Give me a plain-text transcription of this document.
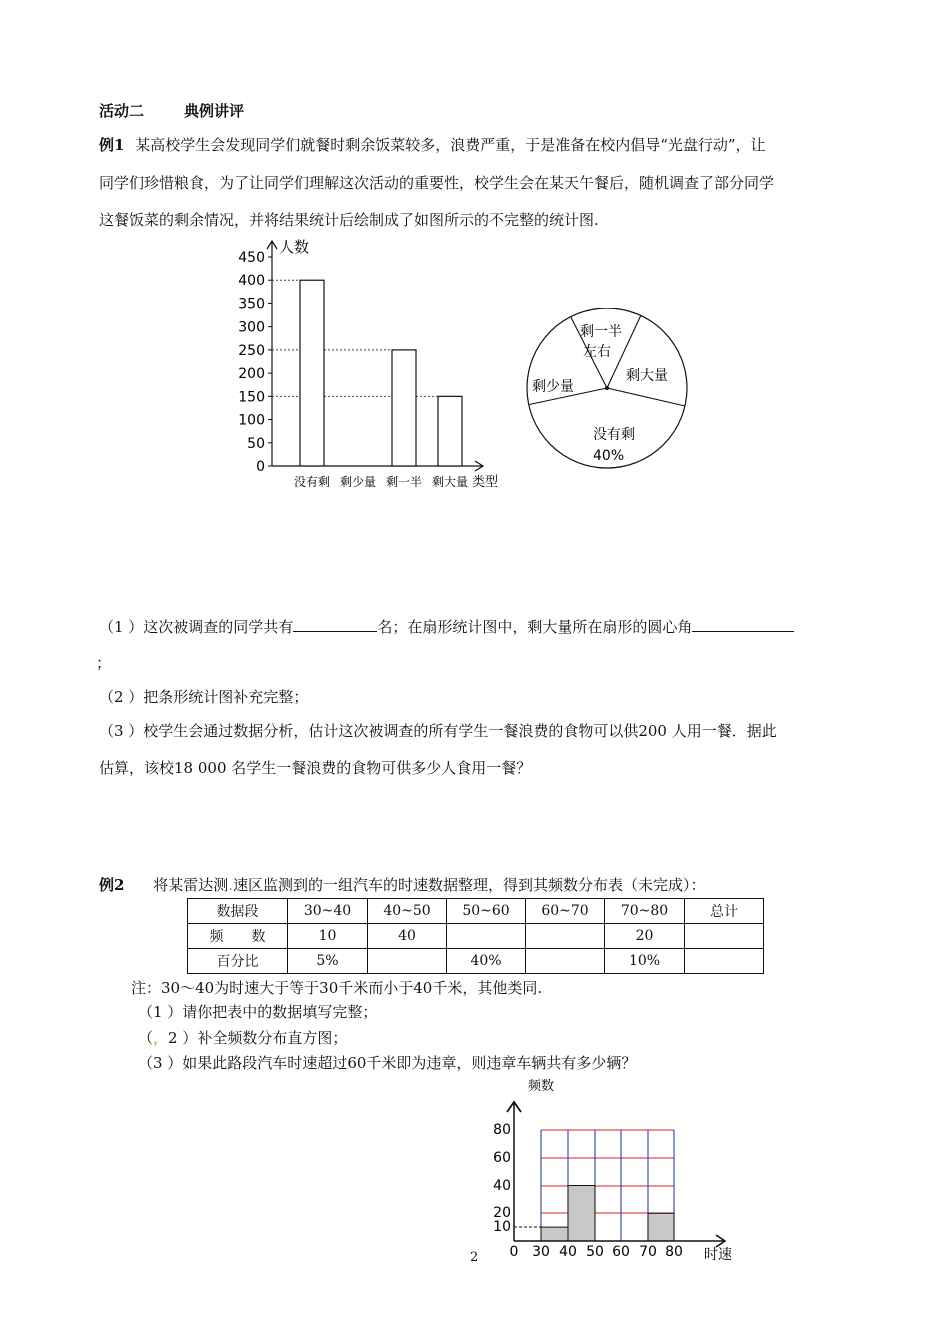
活动二	典例讲评
例1 某高校学生会发现同学们就餐时剩余饭菜较多，浪费严重，于是准备在校内倡导“光盘行动”，让
同学们珍惜粮食，为了让同学们理解这次活动的重要性，校学生会在某天午餐后，随机调查了部分同学
这餐饭菜的剩余情况，并将结果统计后绘制成了如图所示的不完整的统计图.
0
50
100
150
200
250
300
350
400
450
没有剩 剩少量 剩一半 剩大量
人数
类型
剩一半
左右
剩大量
剩少量
没有剩
40%
（1 ）这次被调查的同学共有	名；在扇形统计图中，剩大量所在扇形的圆心角
；
（2 ）把条形统计图补充完整；
（3 ）校学生会通过数据分析，估计这次被调查的所有学生一餐浪费的食物可以供200 人用一餐．据此
估算，该校18 000 名学生一餐浪费的食物可供多少人食用一餐？
例2 将某雷达测.速区监测到的一组汽车的时速数据整理，得到其频数分布表（未完成）：
数据段	30~40	40~50	50~60	60~70	70~80	总计
频　　数	10	40			20	
百分比	5%		40%		10%	
注：30～40为时速大于等于30千米而小于40千米，其他类同.
（1 ）请你把表中的数据填写完整；
（，2 ）补全频数分布直方图；
（3 ）如果此路段汽车时速超过60千米即为违章，则违章车辆共有多少辆？
频数
10
20
40
60
80
0 30 40 50 60 70 80 时速
2
